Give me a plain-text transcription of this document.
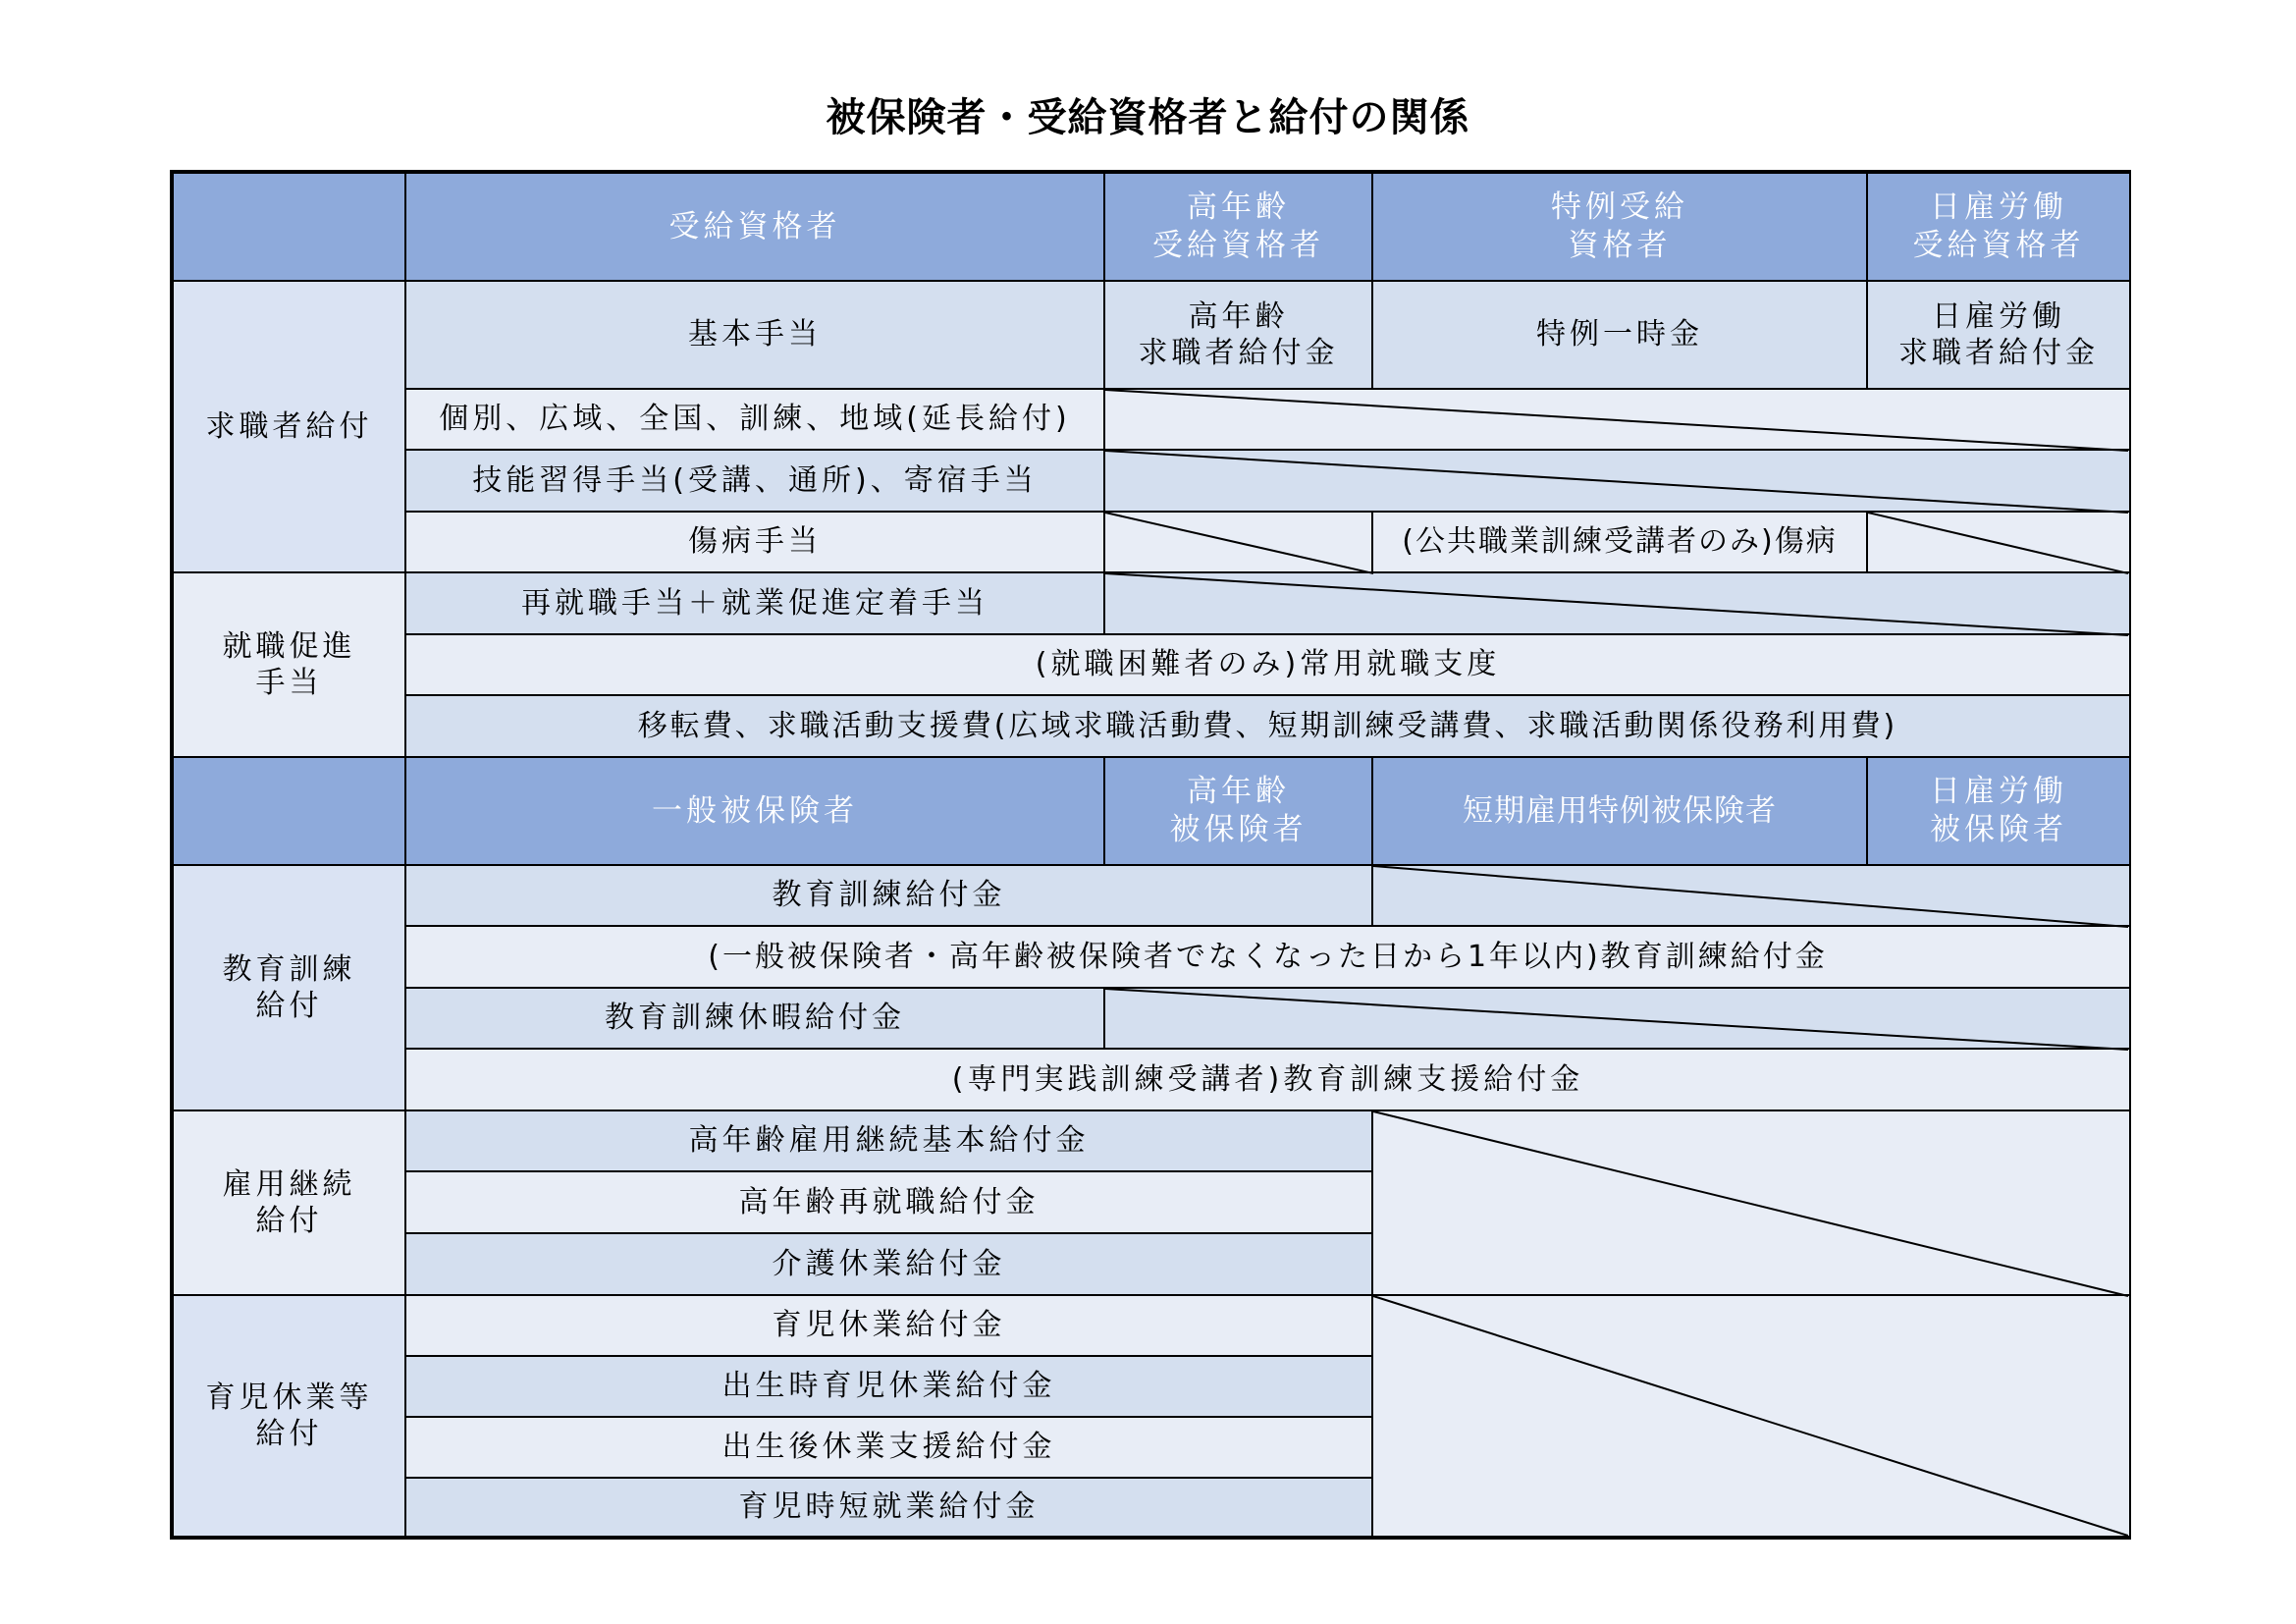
被保険者・受給資格者と給付の関係
受給資格者
高年齢
受給資格者
特例受給
資格者
日雇労働
受給資格者
求職者給付
基本手当
高年齢
求職者給付金
特例一時金
日雇労働
求職者給付金
個別、広域、全国、訓練、地域(延長給付)
技能習得手当(受講、通所)、寄宿手当
傷病手当	(公共職業訓練受講者のみ)傷病
就職促進
手当
再就職手当＋就業促進定着手当
(就職困難者のみ)常用就職支度
移転費、求職活動支援費(広域求職活動費、短期訓練受講費、求職活動関係役務利用費)
一般被保険者
高年齢
被保険者
短期雇用特例被保険者
日雇労働
被保険者
教育訓練
給付
教育訓練給付金
(一般被保険者・高年齢被保険者でなくなった日から1年以内)教育訓練給付金
教育訓練休暇給付金
(専門実践訓練受講者)教育訓練支援給付金
雇用継続
給付
高年齢雇用継続基本給付金
高年齢再就職給付金
介護休業給付金
育児休業等
給付
育児休業給付金
出生時育児休業給付金
出生後休業支援給付金
育児時短就業給付金
